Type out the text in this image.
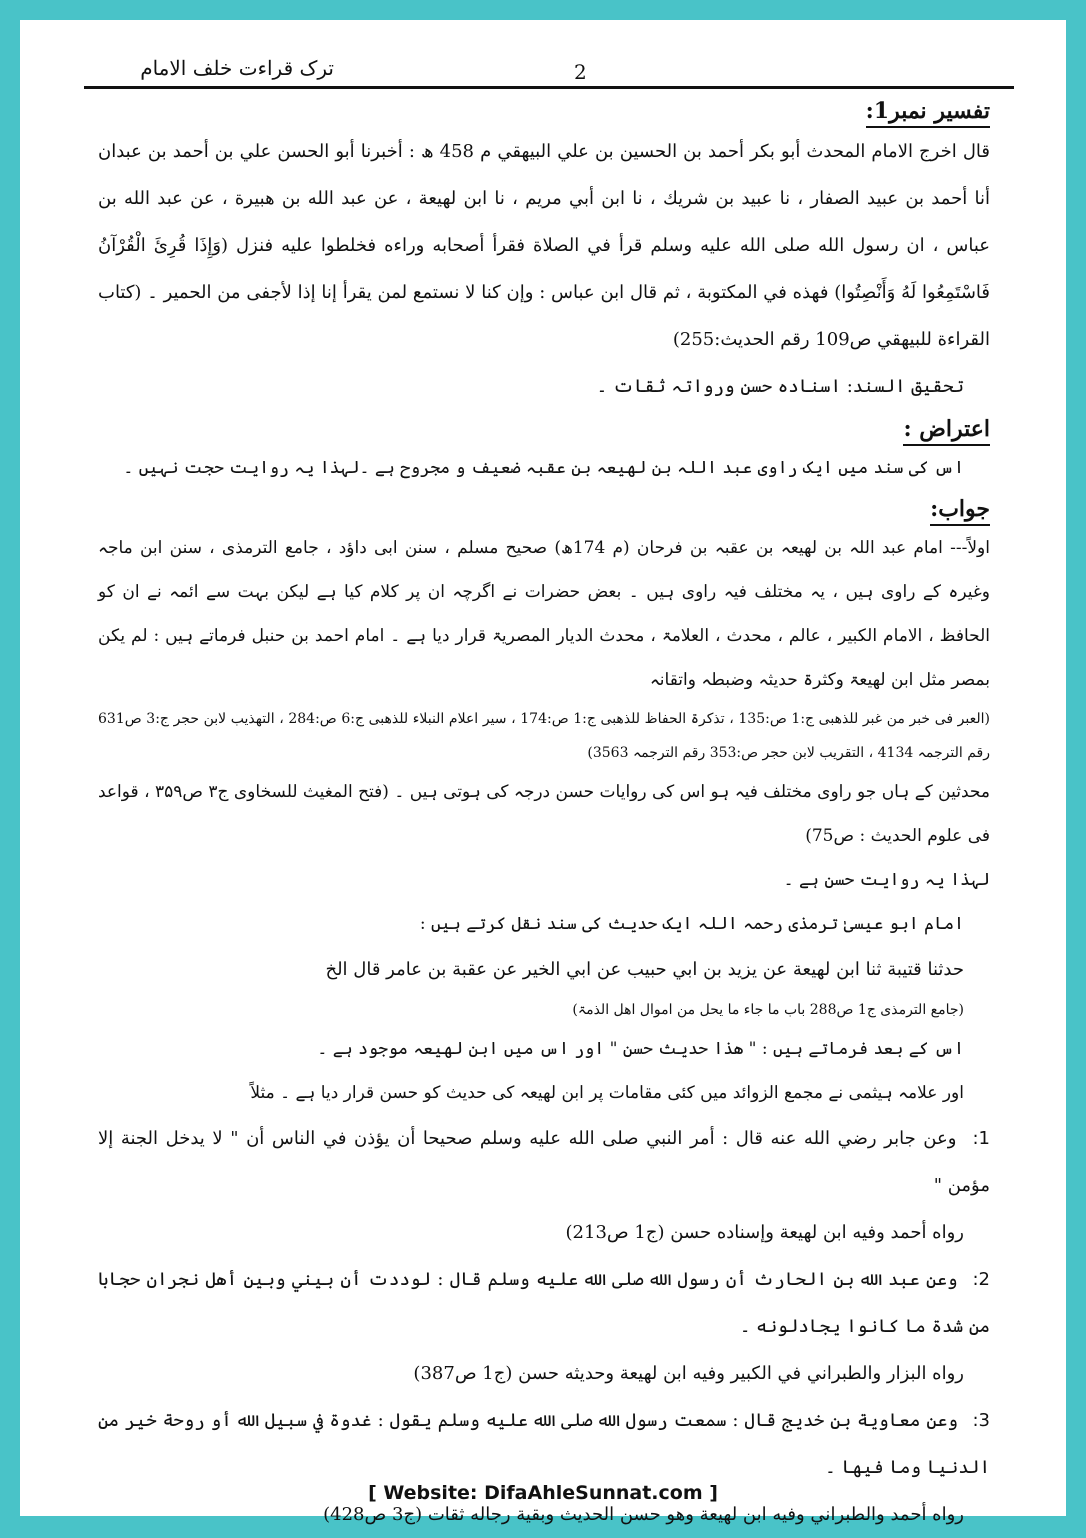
ترک قراءت خلف الامام	2
تفسیر نمبر1:

قال اخرج الامام المحدث أبو بكر أحمد بن الحسين بن علي البيهقي م 458 ھ : أخبرنا أبو الحسن علي بن أحمد بن عبدان أنا أحمد بن عبيد الصفار ، نا عبيد بن شريك ، نا ابن أبي مريم ، نا ابن لهيعة ، عن عبد الله بن هبيرة ، عن عبد الله بن عباس ، ان رسول الله صلى الله عليه وسلم قرأ في الصلاة فقرأ أصحابه وراءه فخلطوا عليه فنزل (وَإِذَا قُرِئَ الْقُرْآنُ فَاسْتَمِعُوا لَهُ وَأَنْصِتُوا) فهذه في المكتوبة ، ثم قال ابن عباس : وإن كنا لا نستمع لمن يقرأ إنا إذا لأجفى من الحمير ۔ (كتاب القراءة للبيهقي ص109 رقم الحديث:255)

تحقیق السند: اسنادہ حسن ورواتہ ثقات ۔

اعتراض :

اس کی سند میں ایک راوی عبد اللہ بن لھیعہ بن عقبہ ضعیف و مجروح ہے ۔لہذا یہ روایت حجت نہیں ۔

جواب:

اولاً--- امام عبد اللہ بن لھیعہ بن عقبہ بن فرحان (م 174ھ) صحیح مسلم ، سنن ابی داؤد ، جامع الترمذی ، سنن ابن ماجہ وغیرہ کے راوی ہیں ، یہ مختلف فیہ راوی ہیں ۔ بعض حضرات نے اگرچہ ان پر کلام کیا ہے لیکن بہت سے ائمہ نے ان کو الحافظ ، الامام الکبیر ، عالم ، محدث ، العلامۃ ، محدث الدیار المصریۃ قرار دیا ہے ۔ امام احمد بن حنبل فرماتے ہیں : لم یکن بمصر مثل ابن لھیعۃ وکثرۃ حدیثہ وضبطہ واتقانہ

(العبر فی خبر من غبر للذھبی ج:1 ص:135 ، تذکرۃ الحفاظ للذھبی ج:1 ص:174 ، سیر اعلام النبلاء للذھبی ج:6 ص:284 ، التھذیب لابن حجر ج:3 ص631 رقم الترجمہ 4134 ، التقریب لابن حجر ص:353 رقم الترجمہ 3563)

محدثین کے ہاں جو راوی مختلف فیہ ہو اس کی روایات حسن درجہ کی ہوتی ہیں ۔ (فتح المغیث للسخاوی ج۳ ص۳۵۹ ، قواعد فی علوم الحدیث : ص75)

لہذا یہ روایت حسن ہے ۔

امام ابو عیسیٰ ترمذی رحمہ اللہ ایک حدیث کی سند نقل کرتے ہیں :

حدثنا قتيبة ثنا ابن لهيعة عن يزيد بن ابي حبيب عن ابي الخير عن عقبة بن عامر قال الخ

(جامع الترمذی ج1 ص288 باب ما جاء ما یحل من اموال اھل الذمۃ)

اس کے بعد فرماتے ہیں : " ھذا حدیث حسن " اور اس میں ابن لھیعہ موجود ہے ۔

اور علامہ ہیثمی نے مجمع الزوائد میں کئی مقامات پر ابن لھیعہ کی حدیث کو حسن قرار دیا ہے ۔ مثلاً

1: وعن جابر رضي الله عنه قال : أمر النبي صلى الله عليه وسلم صحيحا أن يؤذن في الناس أن " لا يدخل الجنة إلا مؤمن "

رواه أحمد وفيه ابن لهيعة وإسناده حسن (ج1 ص213)

2: وعن عبد الله بن الحارث أن رسول الله صلى الله عليه وسلم قال : لوددت أن بيني وبين أهل نجران حجابا من شدة ما كانوا يجادلونه ۔

رواه البزار والطبراني في الكبير وفيه ابن لهيعة وحديثه حسن (ج1 ص387)

3: وعن معاوية بن خديج قال : سمعت رسول الله صلى الله عليه وسلم يقول : غدوة في سبيل الله أو روحة خير من الدنيا وما فيها ۔

رواه أحمد والطبراني وفيه ابن لهيعة وهو حسن الحديث وبقية رجاله ثقات (ج3 ص428)

[ Website: DifaAhleSunnat.com ]
